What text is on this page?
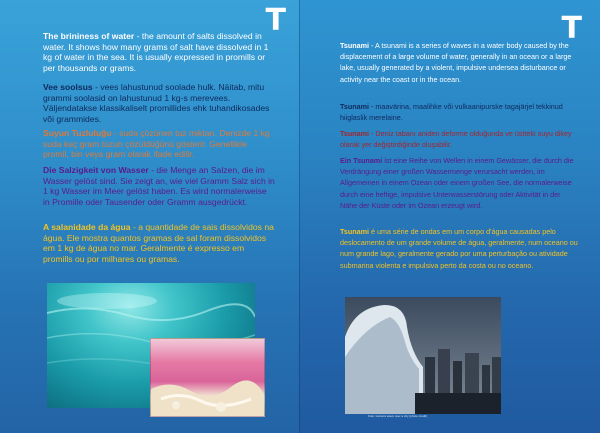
T

The brininess of water - the amount of salts dissolved in water. It shows how many grams of salt have dissolved in 1 kg of water in the sea. It is usually expressed in promills or per thousands or grams.

Vee soolsus - vees lahustunud soolade hulk. Näitab, mitu grammi soolasid on lahustunud 1 kg-s merevees. Väljendatakse klassikaliselt promillides ehk tuhandikosades või grammides.

Suyun Tuzluluğu - suda çözünen tuz miktarı. Denizde 1 kg suda kaç gram tuzun çözüldüğünü gösterir. Genellikle promil, bin veya gram olarak ifade edilir.

Die Salzigkeit von Wasser - die Menge an Salzen, die im Wasser gelöst sind. Sie zeigt an, wie viel Gramm Salz sich in 1 kg Wasser im Meer gelöst haben. Es wird normalerweise in Promille oder Tausender oder Gramm ausgedrückt.

A salanidade da água - a quantidade de sais dissolvidos na água. Ele mostra quantos gramas de sal foram dissolvidos em 1 kg de água no mar. Geralmente é expresso em promills ou por milhares ou gramas.

T

Tsunami - A tsunami is a series of waves in a water body caused by the displacement of a large volume of water, generally in an ocean or a large lake, usually generated by a violent, impulsive undersea disturbance or activity near the coast or in the ocean.

Tsunami - maavärina, maalihke või vulkaanipurske tagajärjel tekkinud hiiglaslik merelaine.

Tsunami - Deniz tabanı aniden deforme olduğunda ve üstteki suyu dikey olarak yer değiştirdiğinde oluşabilir.

Ein Tsunami ist eine Reihe von Wellen in einem Gewässer, die durch die Verdrängung einer großen Wassermenge verursacht werden, im Allgemeinen in einem Ozean oder einem großen See, die normalerweise durch eine heftige, impulsive Unterwasserstörung oder Aktivität in der Nähe der Küste oder im Ozean erzeugt wird.

Tsunami é uma série de ondas em um corpo d'água causadas pelo deslocamento de um grande volume de água, geralmente, num oceano ou num grande lago, geralmente gerado por uma perturbação ou atividade submarina violenta e impulsiva perto da costa ou no oceano.

Foto: tsunami wave over a city (photo credit)
